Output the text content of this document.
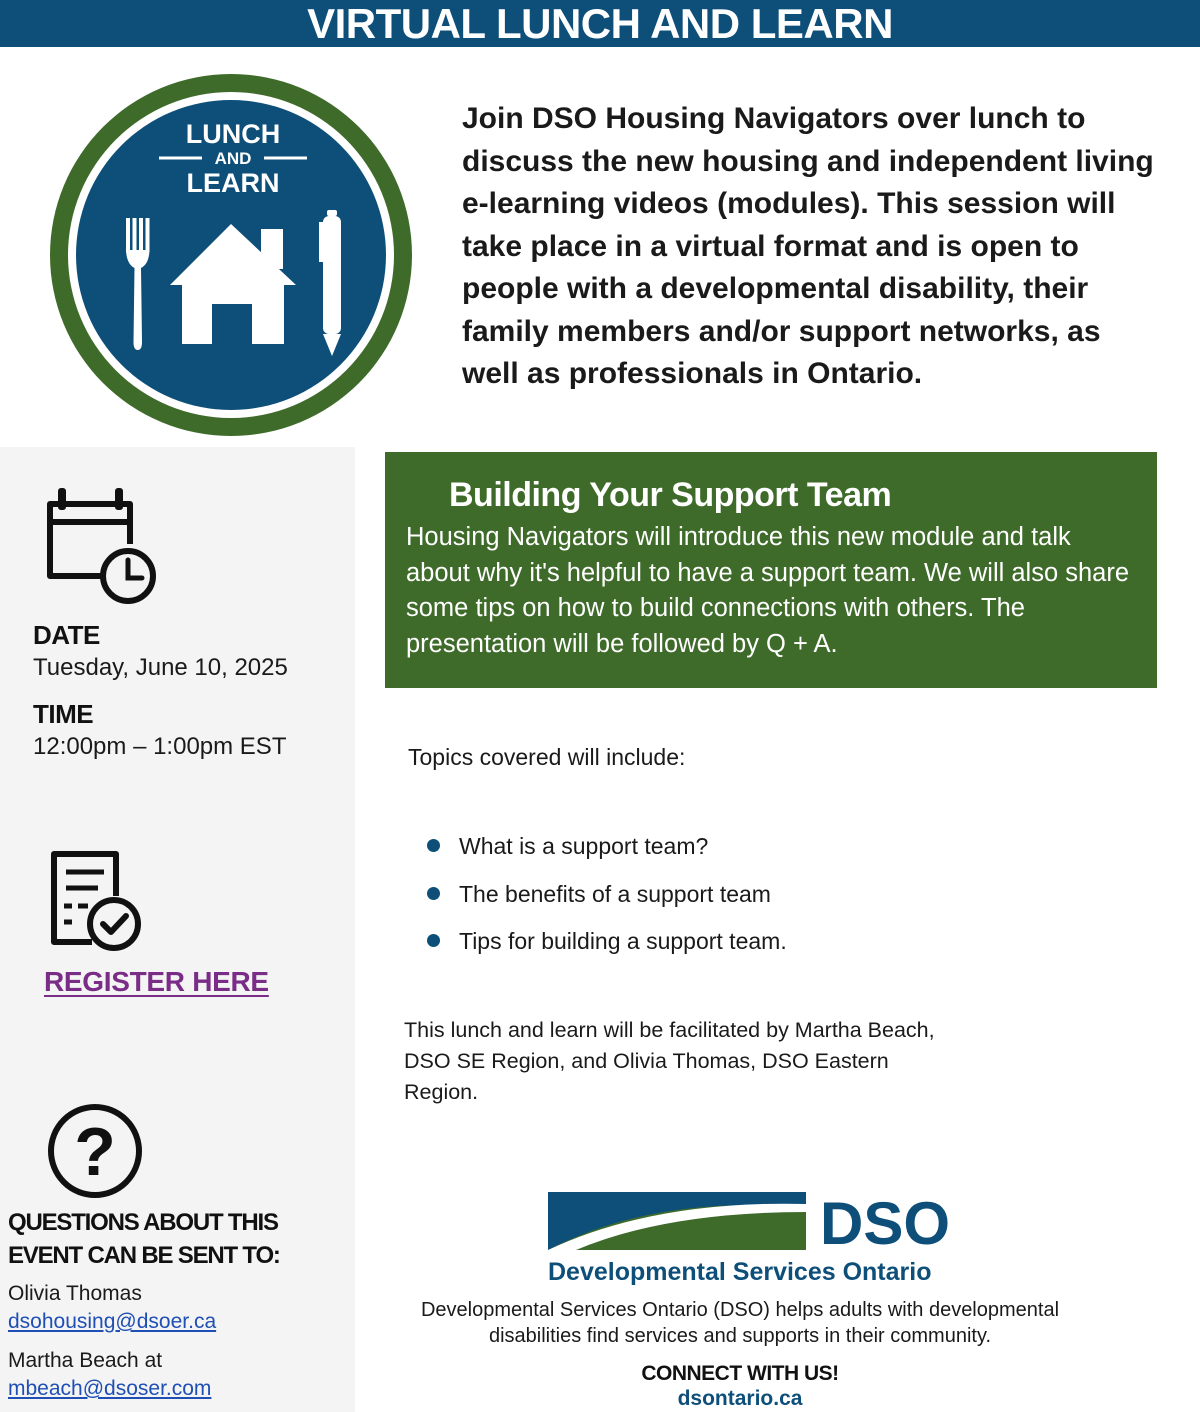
VIRTUAL LUNCH AND LEARN
LUNCH
AND
LEARN
Join DSO Housing Navigators over lunch to discuss the new housing and independent living e-learning videos (modules). This session will take place in a virtual format and is open to people with a developmental disability, their family members and/or support networks, as well as professionals in Ontario.
DATE
Tuesday, June 10, 2025
TIME
12:00pm – 1:00pm EST
REGISTER HERE
?
QUESTIONS ABOUT THIS EVENT CAN BE SENT TO:
Olivia Thomas
dsohousing@dsoer.ca
Martha Beach at
mbeach@dsoser.com
Building Your Support Team
Housing Navigators will introduce this new module and talk about why it's helpful to have a support team. We will also share some tips on how to build connections with others. The presentation will be followed by Q + A.
Topics covered will include:
What is a support team?
The benefits of a support team
Tips for building a support team.
This lunch and learn will be facilitated by Martha Beach, DSO SE Region, and Olivia Thomas, DSO Eastern Region.
DSO
Developmental Services Ontario
Developmental Services Ontario (DSO) helps adults with developmental disabilities find services and supports in their community.
CONNECT WITH US!
dsontario.ca
